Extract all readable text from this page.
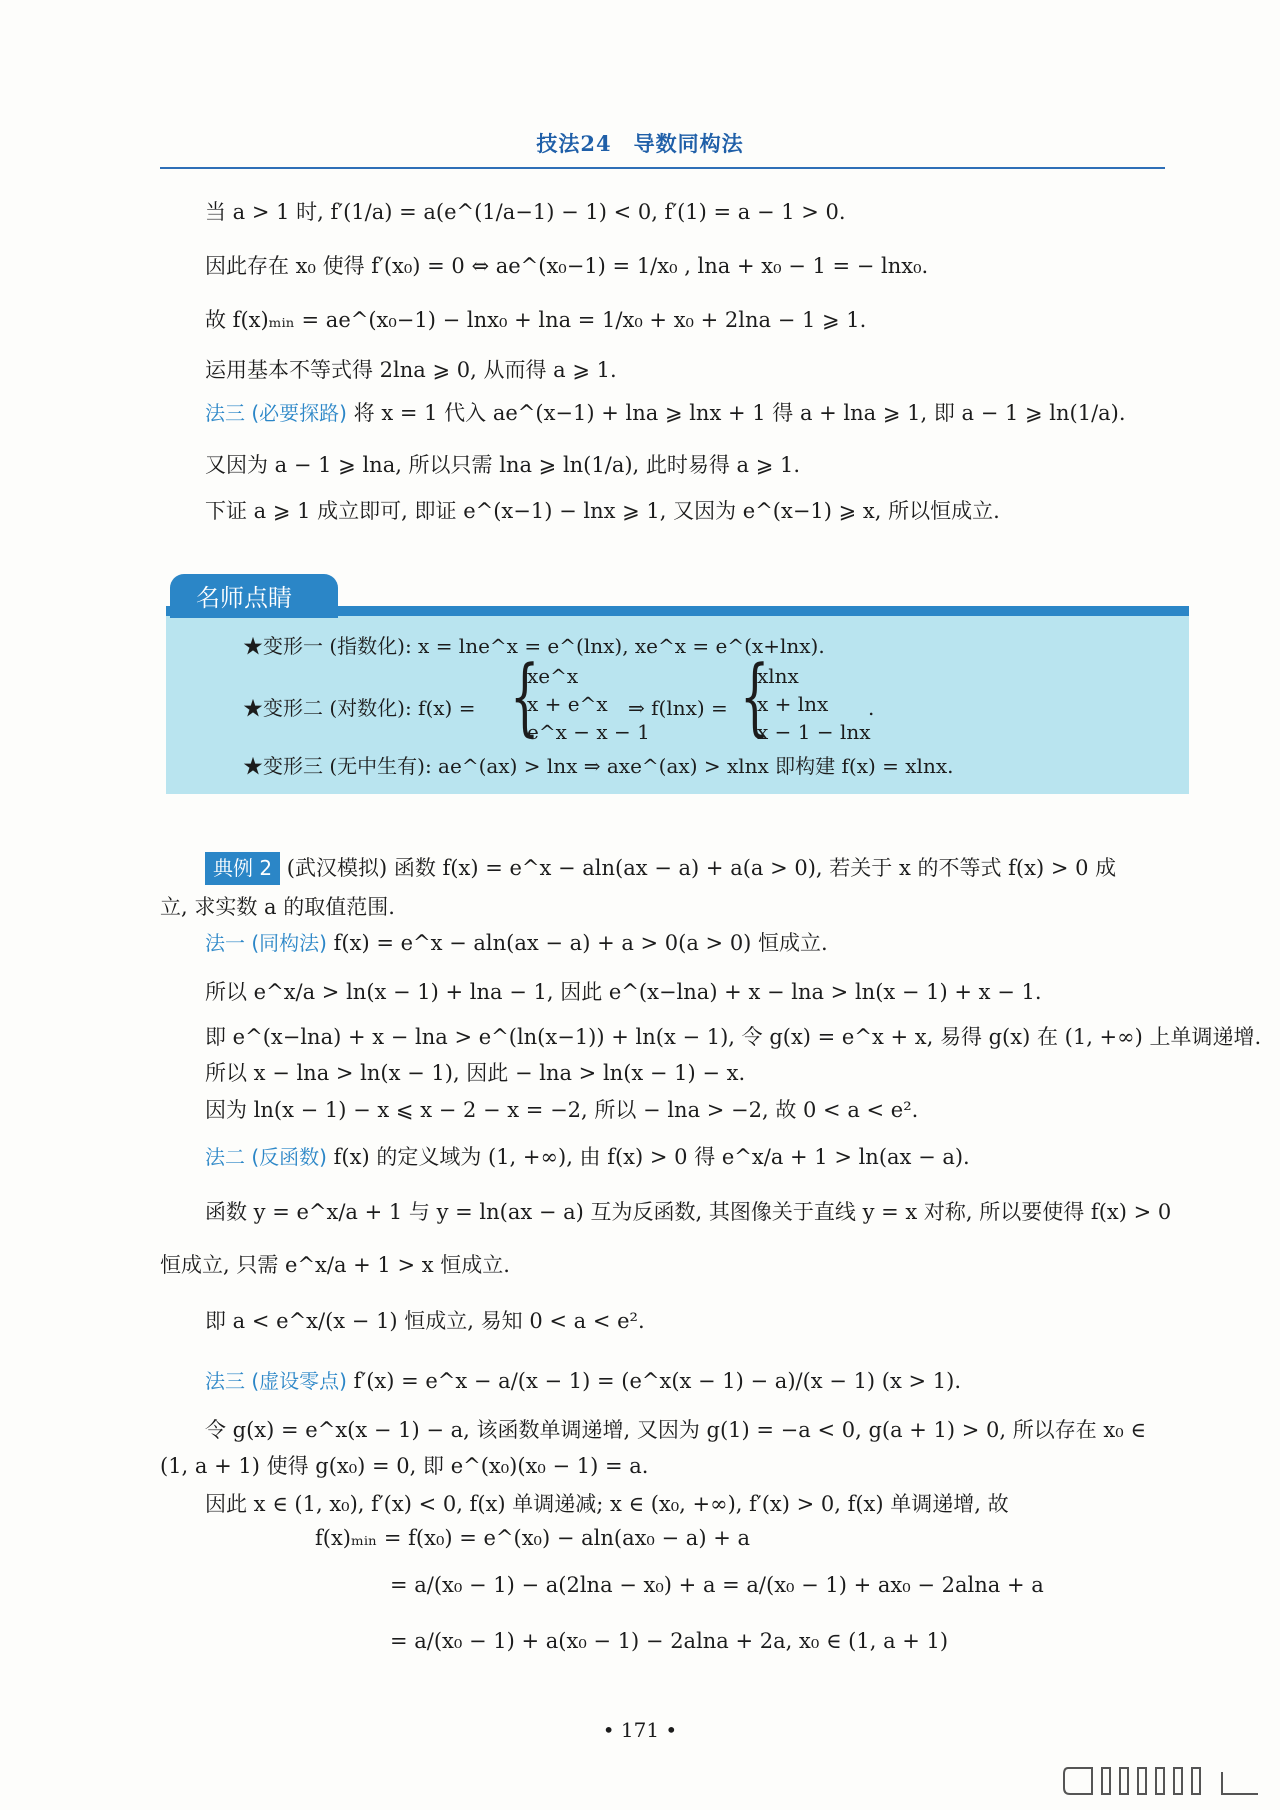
技法24　导数同构法
当 a > 1 时, f′(1/a) = a(e^(1/a−1) − 1) < 0, f′(1) = a − 1 > 0.
因此存在 x₀ 使得 f′(x₀) = 0 ⇔ ae^(x₀−1) = 1/x₀ , lna + x₀ − 1 = − lnx₀.
故 f(x)ₘᵢₙ = ae^(x₀−1) − lnx₀ + lna = 1/x₀ + x₀ + 2lna − 1 ⩾ 1.
运用基本不等式得 2lna ⩾ 0, 从而得 a ⩾ 1.
法三 (必要探路) 将 x = 1 代入 ae^(x−1) + lna ⩾ lnx + 1 得 a + lna ⩾ 1, 即 a − 1 ⩾ ln(1/a).
又因为 a − 1 ⩾ lna, 所以只需 lna ⩾ ln(1/a), 此时易得 a ⩾ 1.
下证 a ⩾ 1 成立即可, 即证 e^(x−1) − lnx ⩾ 1, 又因为 e^(x−1) ⩾ x, 所以恒成立.
名师点睛
★变形一 (指数化): x = lne^x = e^(lnx), xe^x = e^(x+lnx).
★变形二 (对数化): f(x) = {
xe^x
x + e^x
e^x − x − 1
⇒ f(lnx) = {
xlnx
x + lnx
x − 1 − lnx
.
★变形三 (无中生有): ae^(ax) > lnx ⇒ axe^(ax) > xlnx 即构建 f(x) = xlnx.
典例 2 (武汉模拟) 函数 f(x) = e^x − aln(ax − a) + a(a > 0), 若关于 x 的不等式 f(x) > 0 成
立, 求实数 a 的取值范围.
法一 (同构法) f(x) = e^x − aln(ax − a) + a > 0(a > 0) 恒成立.
所以 e^x/a > ln(x − 1) + lna − 1, 因此 e^(x−lna) + x − lna > ln(x − 1) + x − 1.
即 e^(x−lna) + x − lna > e^(ln(x−1)) + ln(x − 1), 令 g(x) = e^x + x, 易得 g(x) 在 (1, +∞) 上单调递增.
所以 x − lna > ln(x − 1), 因此 − lna > ln(x − 1) − x.
因为 ln(x − 1) − x ⩽ x − 2 − x = −2, 所以 − lna > −2, 故 0 < a < e².
法二 (反函数) f(x) 的定义域为 (1, +∞), 由 f(x) > 0 得 e^x/a + 1 > ln(ax − a).
函数 y = e^x/a + 1 与 y = ln(ax − a) 互为反函数, 其图像关于直线 y = x 对称, 所以要使得 f(x) > 0
恒成立, 只需 e^x/a + 1 > x 恒成立.
即 a < e^x/(x − 1) 恒成立, 易知 0 < a < e².
法三 (虚设零点) f′(x) = e^x − a/(x − 1) = (e^x(x − 1) − a)/(x − 1) (x > 1).
令 g(x) = e^x(x − 1) − a, 该函数单调递增, 又因为 g(1) = −a < 0, g(a + 1) > 0, 所以存在 x₀ ∈
(1, a + 1) 使得 g(x₀) = 0, 即 e^(x₀)(x₀ − 1) = a.
因此 x ∈ (1, x₀), f′(x) < 0, f(x) 单调递减; x ∈ (x₀, +∞), f′(x) > 0, f(x) 单调递增, 故
f(x)ₘᵢₙ = f(x₀) = e^(x₀) − aln(ax₀ − a) + a
= a/(x₀ − 1) − a(2lna − x₀) + a = a/(x₀ − 1) + ax₀ − 2alna + a
= a/(x₀ − 1) + a(x₀ − 1) − 2alna + 2a, x₀ ∈ (1, a + 1)
• 171 •
